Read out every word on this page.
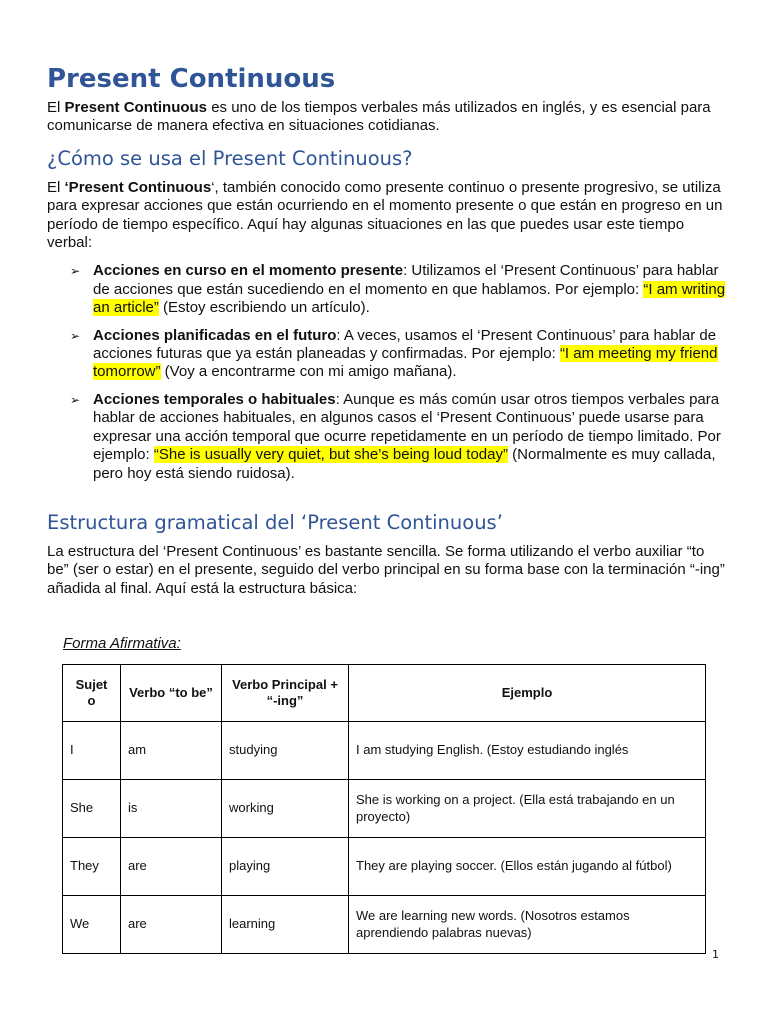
Present Continuous

El Present Continuous es uno de los tiempos verbales más utilizados en inglés, y es esencial para comunicarse de manera efectiva en situaciones cotidianas.

¿Cómo se usa el Present Continuous?

El ‘Present Continuous‘, también conocido como presente continuo o presente progresivo, se utiliza para expresar acciones que están ocurriendo en el momento presente o que están en progreso en un período de tiempo específico. Aquí hay algunas situaciones en las que puedes usar este tiempo verbal:

➢ Acciones en curso en el momento presente: Utilizamos el ‘Present Continuous’ para hablar de acciones que están sucediendo en el momento en que hablamos. Por ejemplo: “I am writing an article” (Estoy escribiendo un artículo).
➢ Acciones planificadas en el futuro: A veces, usamos el ‘Present Continuous’ para hablar de acciones futuras que ya están planeadas y confirmadas. Por ejemplo: “I am meeting my friend tomorrow” (Voy a encontrarme con mi amigo mañana).
➢ Acciones temporales o habituales: Aunque es más común usar otros tiempos verbales para hablar de acciones habituales, en algunos casos el ‘Present Continuous’ puede usarse para expresar una acción temporal que ocurre repetidamente en un período de tiempo limitado. Por ejemplo: “She is usually very quiet, but she’s being loud today” (Normalmente es muy callada, pero hoy está siendo ruidosa).
Estructura gramatical del ‘Present Continuous’

La estructura del ‘Present Continuous’ es bastante sencilla. Se forma utilizando el verbo auxiliar “to be” (ser o estar) en el presente, seguido del verbo principal en su forma base con la terminación “-ing” añadida al final. Aquí está la estructura básica:

Forma Afirmativa:
Sujet o	Verbo “to be”	Verbo Principal + “-ing”	Ejemplo
I	am	studying	I am studying English. (Estoy estudiando inglés
She	is	working	She is working on a project. (Ella está trabajando en un proyecto)
They	are	playing	They are playing soccer. (Ellos están jugando al fútbol)
We	are	learning	We are learning new words. (Nosotros estamos aprendiendo palabras nuevas)
1
